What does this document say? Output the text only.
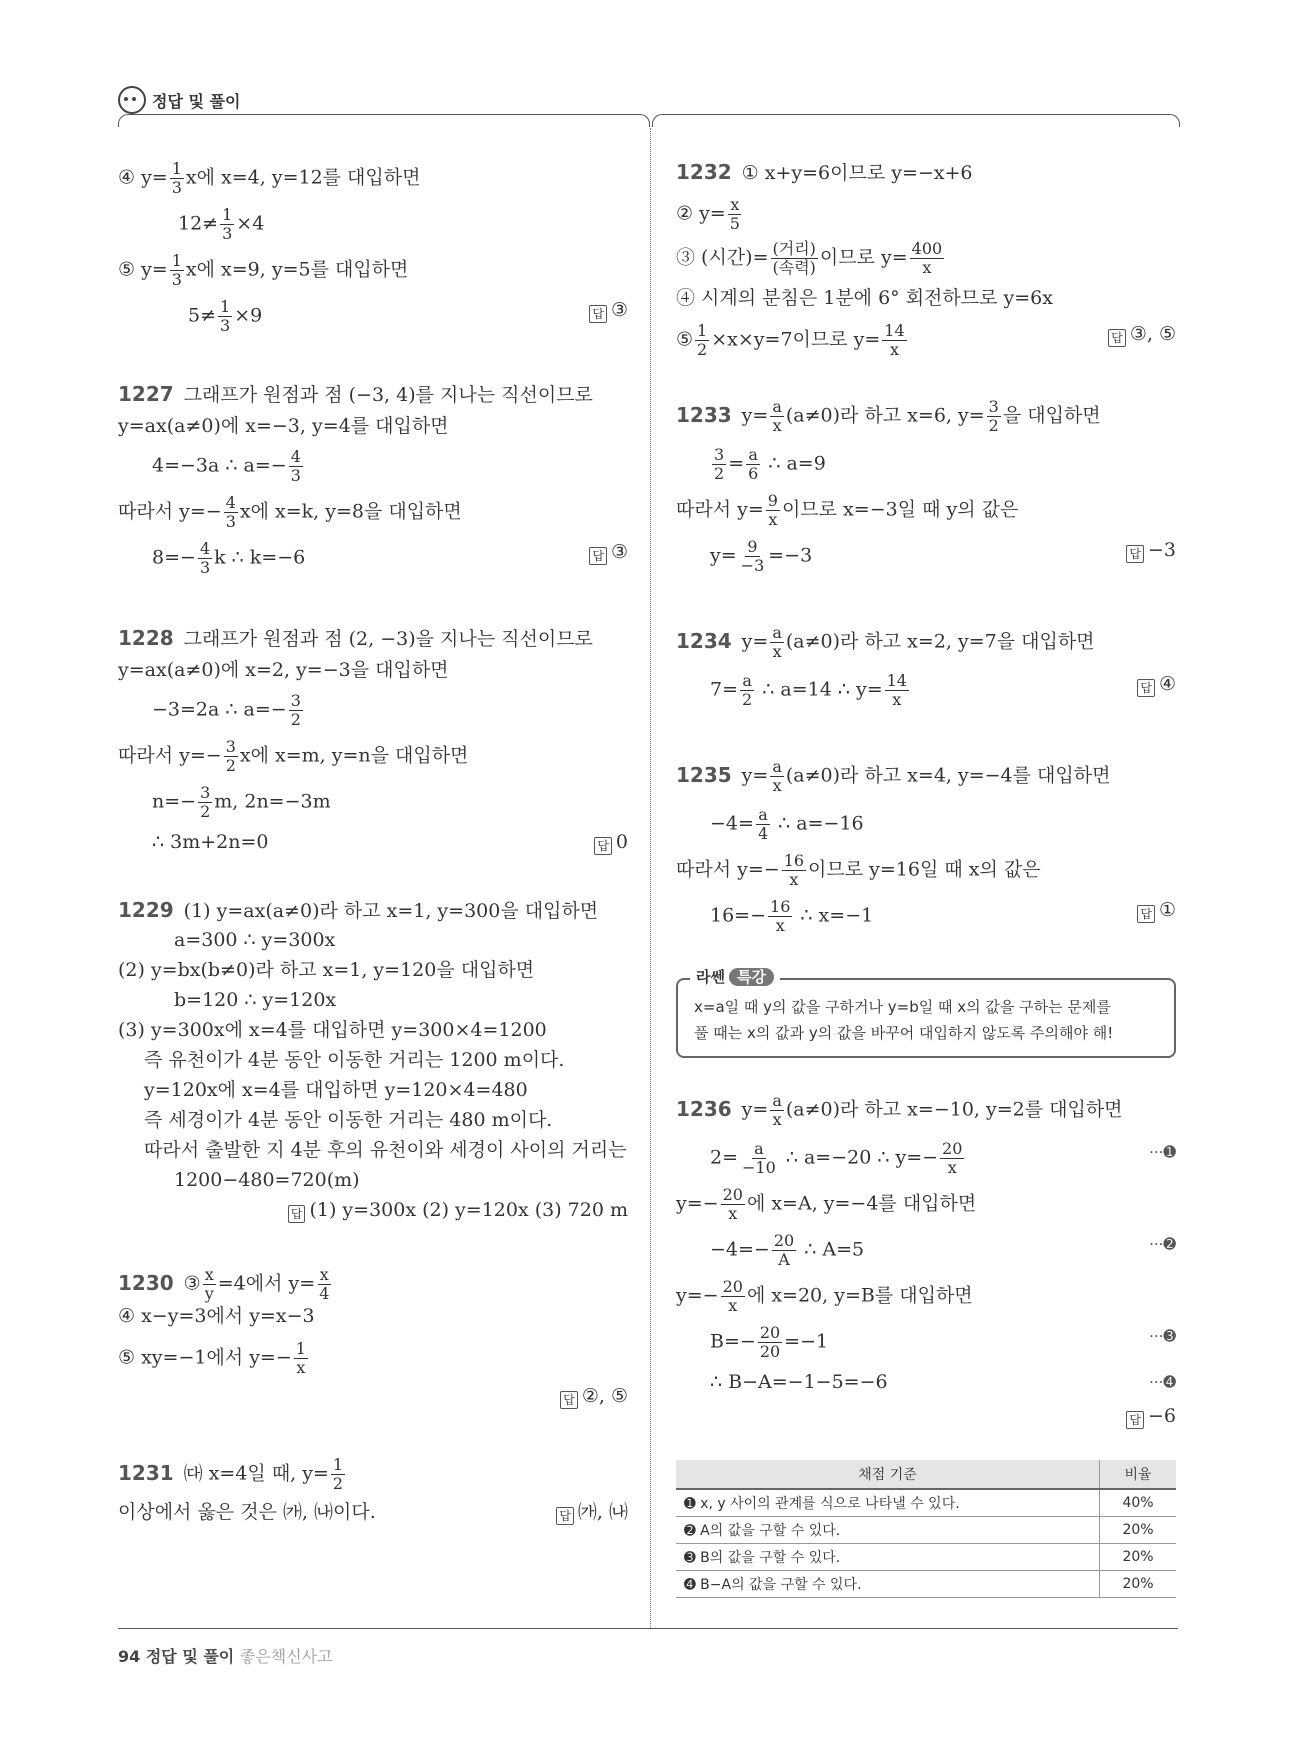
정답 및 풀이
④ $y= \frac{1}{3}$ x에 x=4, y=12를 대입하면
$12\ne \frac{1}{3} \times 4$
⑤ $y= \frac{1}{3}$ x에 x=9, y=5를 대입하면
$5\ne \frac{1}{3} \times 9$	답 ③
1227 그래프가 원점과 점 (−3, 4)를 지나는 직선이므로
y=ax(a≠0)에 x=−3, y=4를 대입하면
4=−3a ∴ $a=- \frac{4}{3}$
따라서 $y=- \frac{4}{3}$ x에 x=k, y=8을 대입하면
$8=- \frac{4}{3}$ k ∴ k=−6	답 ③
1228 그래프가 원점과 점 (2, −3)을 지나는 직선이므로
y=ax(a≠0)에 x=2, y=−3을 대입하면
−3=2a ∴ $a=- \frac{3}{2}$
따라서 $y=- \frac{3}{2}$ x에 x=m, y=n을 대입하면
$n=- \frac{3}{2} m$, 2n=−3m
∴ 3m+2n=0	답 0
1229 (1) y=ax(a≠0)라 하고 x=1, y=300을 대입하면
a=300 ∴ y=300x
(2) y=bx(b≠0)라 하고 x=1, y=120을 대입하면
b=120 ∴ y=120x
(3) y=300x에 x=4를 대입하면 y=300×4=1200
즉 유천이가 4분 동안 이동한 거리는 1200 m이다.
y=120x에 x=4를 대입하면 y=120×4=480
즉 세경이가 4분 동안 이동한 거리는 480 m이다.
따라서 출발한 지 4분 후의 유천이와 세경이 사이의 거리는
1200−480=720(m)
답 (1) y=300x (2) y=120x (3) 720 m
1230 ③ $\frac{x}{y} =4$에서 $y= \frac{x}{4}$
④ x−y=3에서 y=x−3
⑤ xy=−1에서 $y=- \frac{1}{x}$
답 ②, ⑤
1231 ㈐ x=4일 때, $y= \frac{1}{2}$
이상에서 옳은 것은 ㈎, ㈏이다.	답 ㈎, ㈏
1232 ① x+y=6이므로 y=−x+6
② $y= \frac{x}{5}$
③ (시간)= $\frac{\text{(거리)}}{\text{(속력)}}$ 이므로 $y= \frac{400}{x}$
④ 시계의 분침은 1분에 6° 회전하므로 y=6x
⑤ $\frac{1}{2} \times x\times y=7$이므로 $y= \frac{14}{x}$	답 ③, ⑤
1233 $y= \frac{a}{x} (a\ne 0)$라 하고 x=6, $y= \frac{3}{2}$ 을 대입하면
$\frac{3}{2} = \frac{a}{6}$ ∴ a=9
따라서 $y= \frac{9}{x}$ 이므로 x=−3일 때 y의 값은
$y= \frac{9}{-3} =-3$	답 −3
1234 $y= \frac{a}{x} (a\ne 0)$라 하고 x=2, y=7을 대입하면
$7= \frac{a}{2}$ ∴ a=14 ∴ $y= \frac{14}{x}$	답 ④
1235 $y= \frac{a}{x} (a\ne 0)$라 하고 x=4, y=−4를 대입하면
$-4= \frac{a}{4}$ ∴ a=−16
따라서 $y=- \frac{16}{x}$ 이므로 y=16일 때 x의 값은
$16=- \frac{16}{x}$ ∴ x=−1	답 ①
라쎈 특강
x=a일 때 y의 값을 구하거나 y=b일 때 x의 값을 구하는 문제를
풀 때는 x의 값과 y의 값을 바꾸어 대입하지 않도록 주의해야 해!
1236 $y= \frac{a}{x} (a\ne 0)$라 하고 x=−10, y=2를 대입하면
$2= \frac{a}{-10}$ ∴ a=−20 ∴ $y=- \frac{20}{x}$	···➊
$y=- \frac{20}{x}$ 에 x=A, y=−4를 대입하면
$-4=- \frac{20}{A}$ ∴ A=5	···➋
$y=- \frac{20}{x}$ 에 x=20, y=B를 대입하면
$B=- \frac{20}{20} =-1$	···➌
∴ B−A=−1−5=−6	···➍
답 −6
채점 기준	비율
➊ x, y 사이의 관계를 식으로 나타낼 수 있다.	40%
➋ A의 값을 구할 수 있다.	20%
➌ B의 값을 구할 수 있다.	20%
➍ B−A의 값을 구할 수 있다.	20%
94 정답 및 풀이 좋은책신사고
